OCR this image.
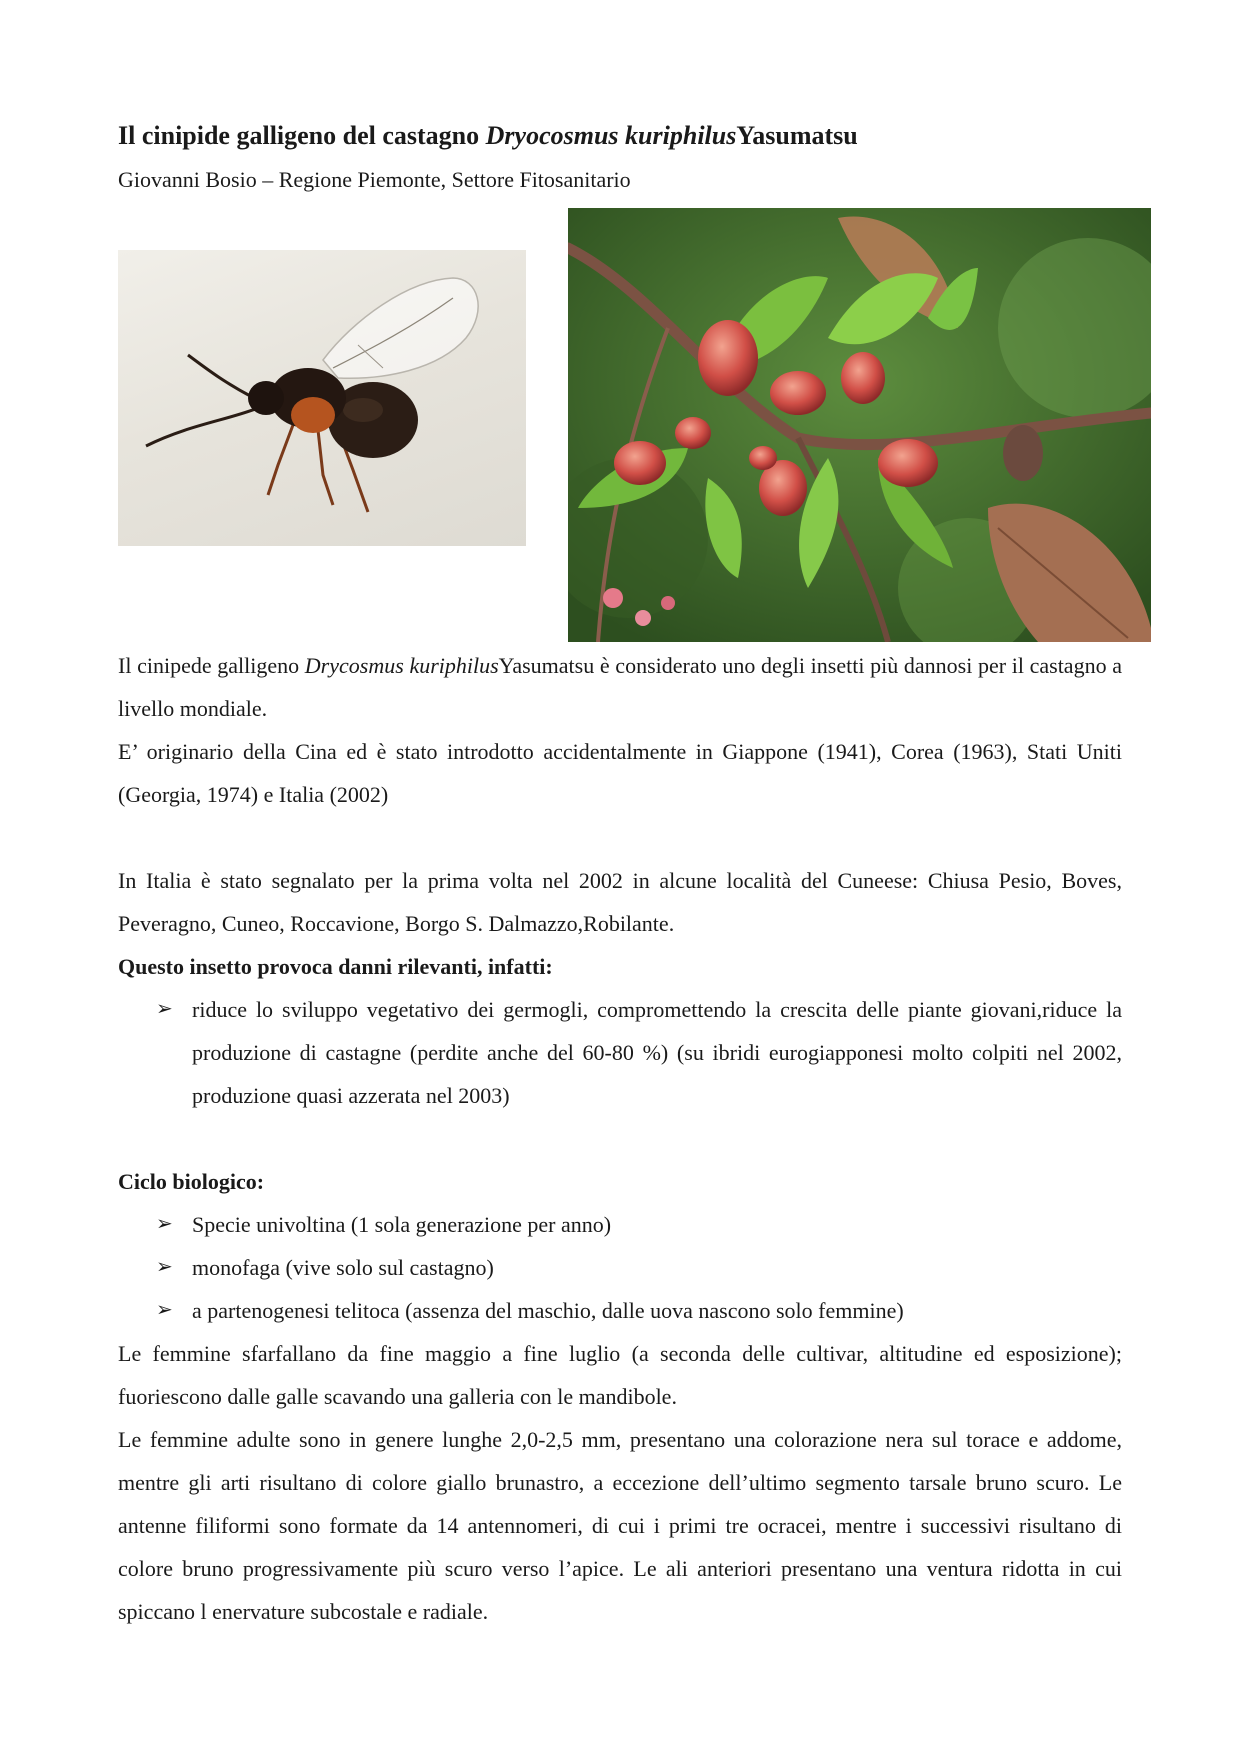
Il cinipide galligeno del castagno Dryocosmus kuriphilusYasumatsu
Giovanni Bosio – Regione Piemonte, Settore Fitosanitario

Il cinipede galligeno Drycosmus kuriphilusYasumatsu è considerato uno degli insetti più dannosi per il castagno a livello mondiale.

E’ originario della Cina ed è stato introdotto accidentalmente in Giappone (1941), Corea (1963), Stati Uniti (Georgia, 1974) e Italia (2002)

In Italia è stato segnalato per la prima volta nel 2002 in alcune località del Cuneese: Chiusa Pesio, Boves, Peveragno, Cuneo, Roccavione, Borgo S. Dalmazzo,Robilante.

Questo insetto provoca danni rilevanti, infatti:

➢ riduce lo sviluppo vegetativo dei germogli, compromettendo la crescita delle piante giovani,riduce la produzione di castagne (perdite anche del 60-80 %) (su ibridi eurogiapponesi molto colpiti nel 2002, produzione quasi azzerata nel 2003)

Ciclo biologico:

➢ Specie univoltina (1 sola generazione per anno)
➢ monofaga (vive solo sul castagno)
➢ a partenogenesi telitoca (assenza del maschio, dalle uova nascono solo femmine)

Le femmine sfarfallano da fine maggio a fine luglio (a seconda delle cultivar, altitudine ed esposizione); fuoriescono dalle galle scavando una galleria con le mandibole.

Le femmine adulte sono in genere lunghe 2,0-2,5 mm, presentano una colorazione nera sul torace e addome, mentre gli arti risultano di colore giallo brunastro, a eccezione dell’ultimo segmento tarsale bruno scuro. Le antenne filiformi sono formate da 14 antennomeri, di cui i primi tre ocracei, mentre i successivi risultano di colore bruno progressivamente più scuro verso l’apice. Le ali anteriori presentano una ventura ridotta in cui spiccano l enervature subcostale e radiale.
